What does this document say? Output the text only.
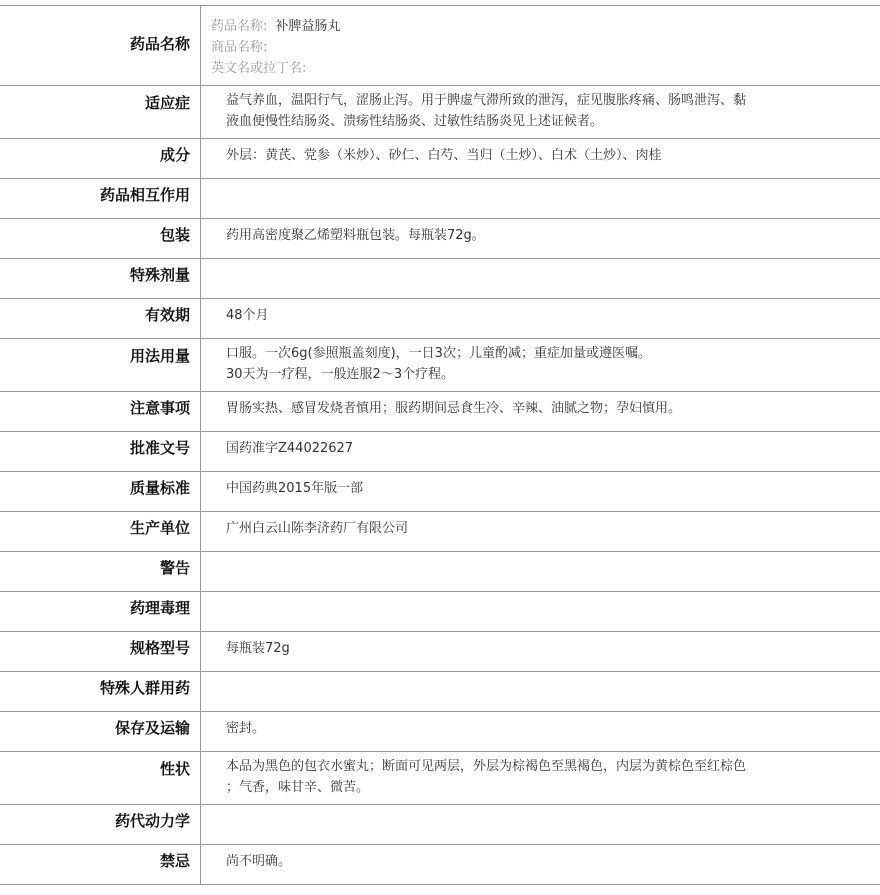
药品名称	药品名称: 补脾益肠丸
商品名称:
英文名或拉丁名:

适应症	益气养血，温阳行气，涩肠止泻。用于脾虚气滞所致的泄泻，症见腹胀疼痛、肠鸣泄泻、黏
液血便慢性结肠炎、溃疡性结肠炎、过敏性结肠炎见上述证候者。

成分	外层：黄芪、党参（米炒）、砂仁、白芍、当归（土炒）、白术（土炒）、肉桂

药品相互作用	
包装	药用高密度聚乙烯塑料瓶包装。每瓶装72g。

特殊剂量	
有效期	48个月

用法用量	口服。一次6g(参照瓶盖刻度)，一日3次；儿童酌减；重症加量或遵医嘱。
30天为一疗程，一般连服2～3个疗程。

注意事项	胃肠实热、感冒发烧者慎用；服药期间忌食生冷、辛辣、油腻之物；孕妇慎用。

批准文号	国药准字Z44022627

质量标准	中国药典2015年版一部

生产单位	广州白云山陈李济药厂有限公司

警告	
药理毒理	
规格型号	每瓶装72g

特殊人群用药	
保存及运输	密封。

性状	本品为黑色的包衣水蜜丸；断面可见两层，外层为棕褐色至黑褐色，内层为黄棕色至红棕色
；气香，味甘辛、微苦。

药代动力学	
禁忌	尚不明确。
